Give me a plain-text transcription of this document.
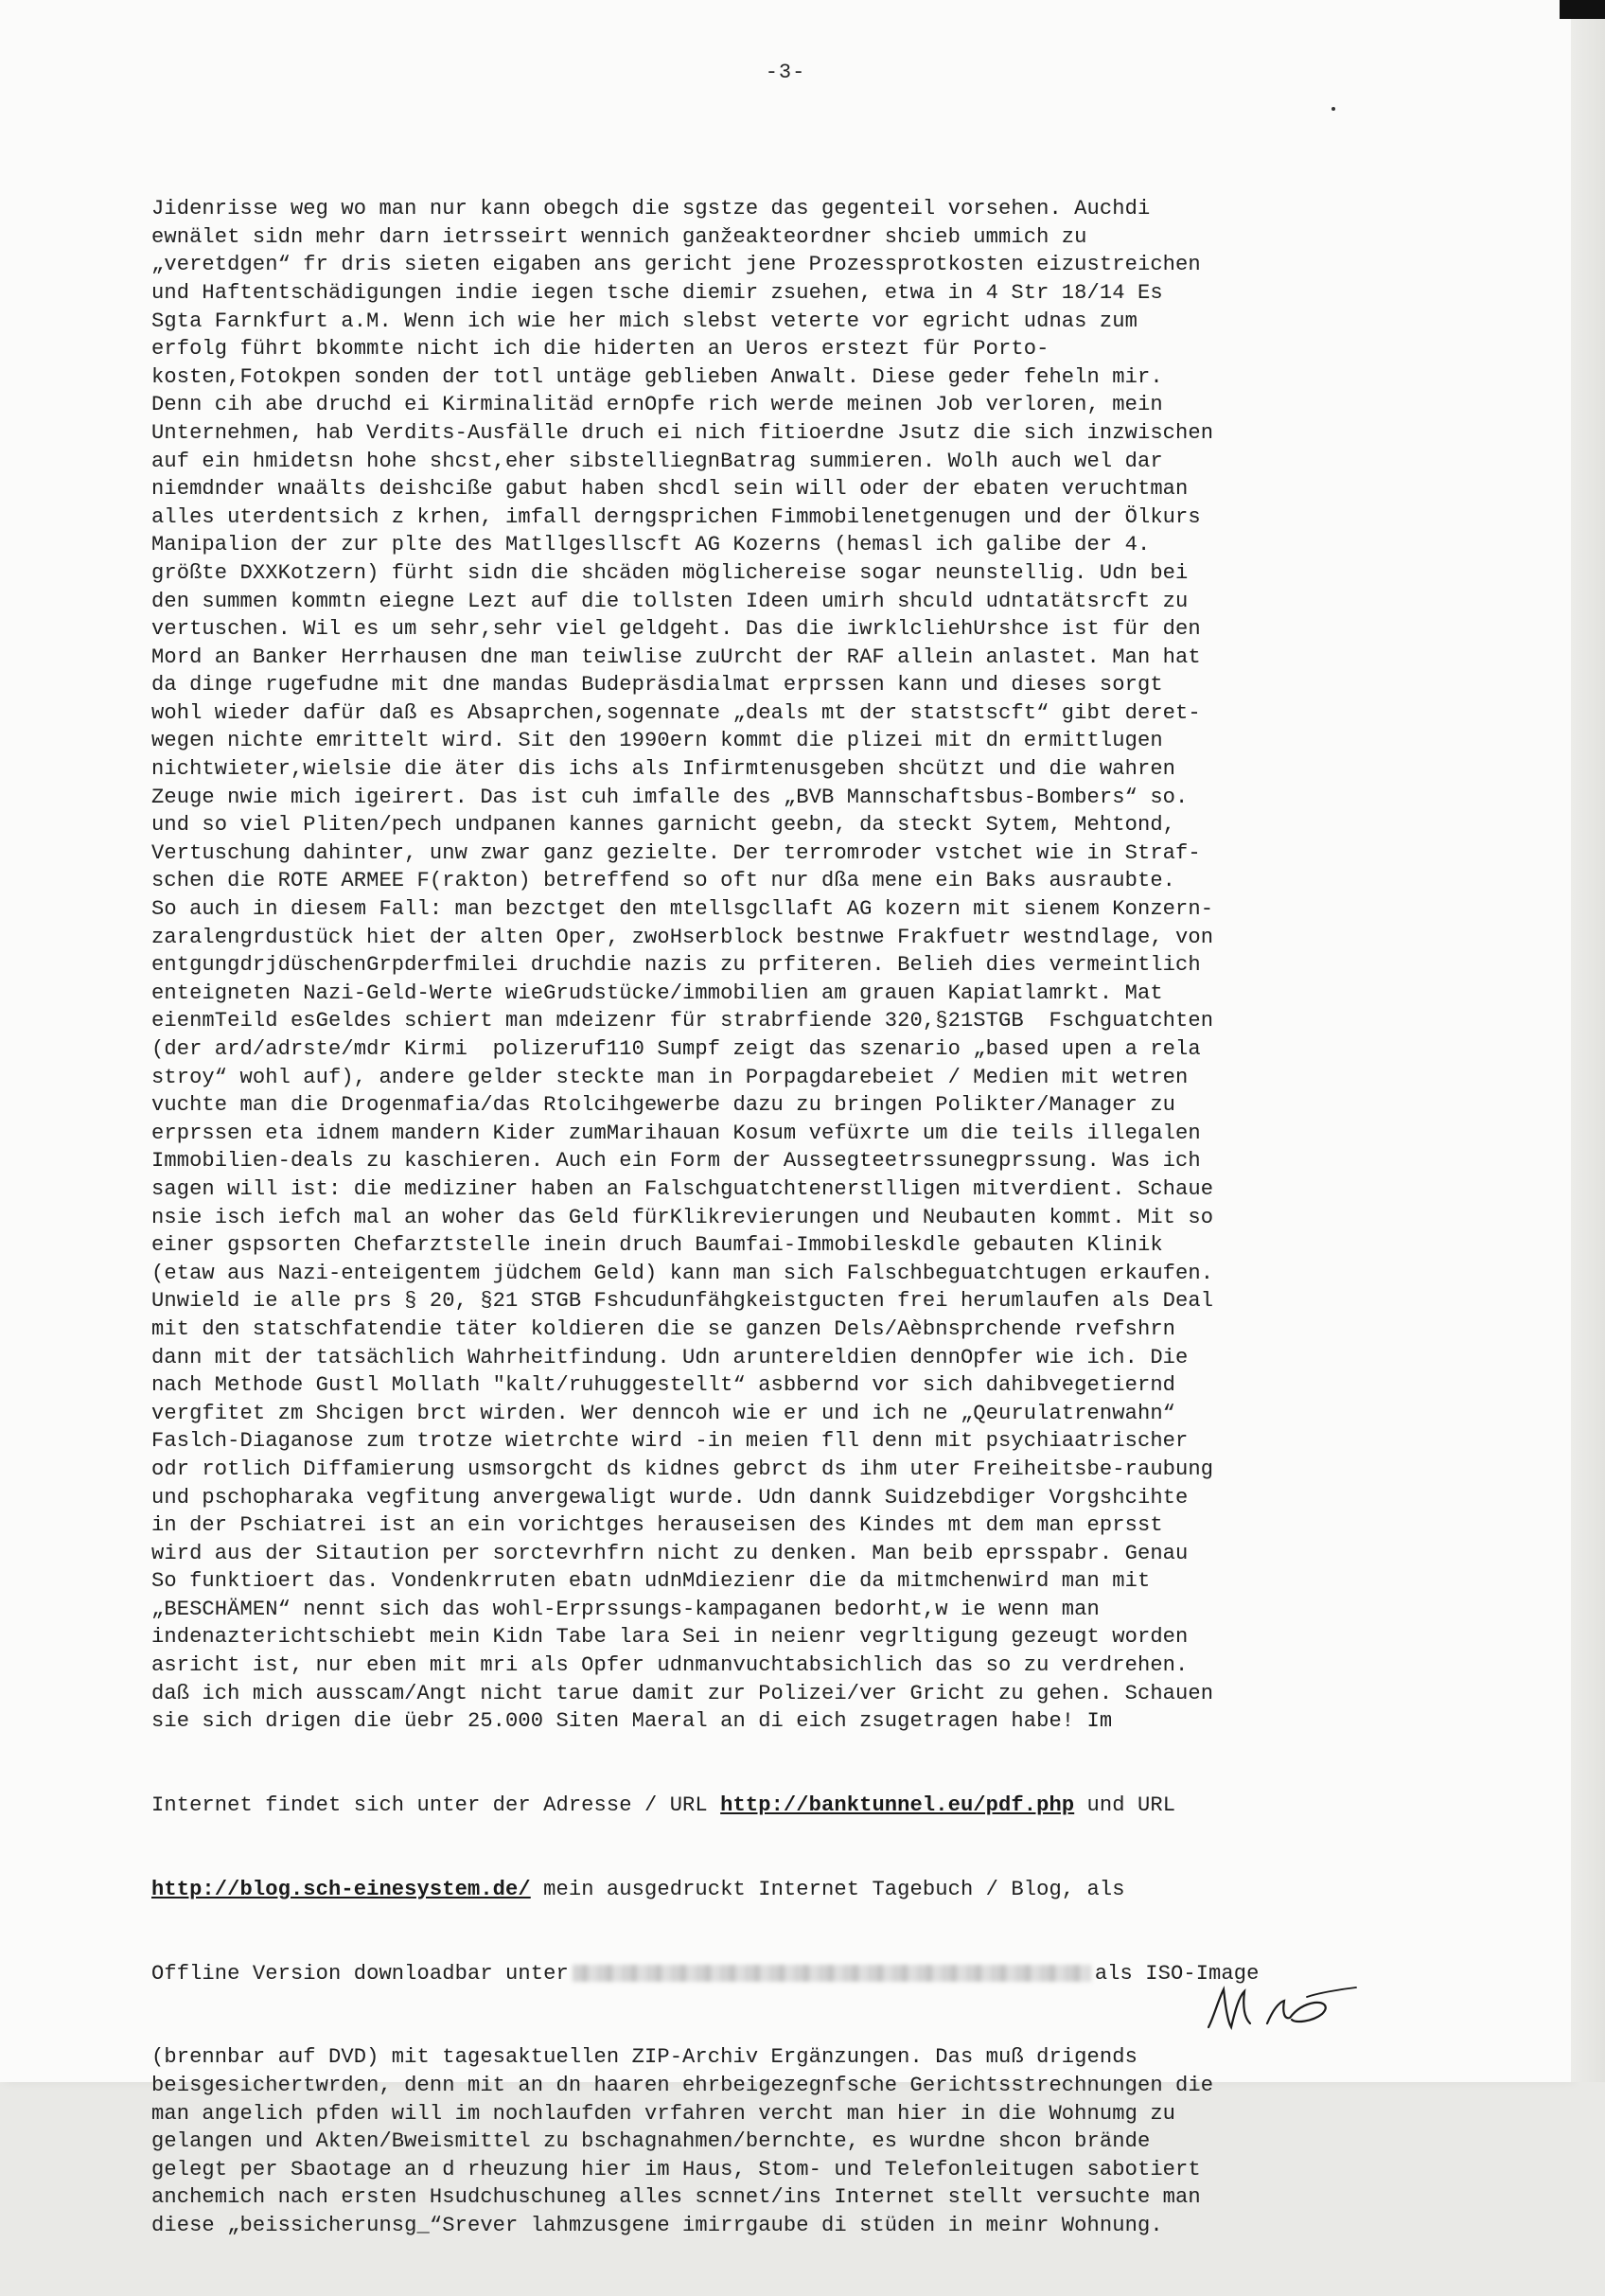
-3-

Jidenrisse weg wo man nur kann obegch die sgstze das gegenteil vorsehen. Auchdi
ewnälet sidn mehr darn ietrsseirt wennich ganžeakteordner shcieb ummich zu
„veretdgen“ fr dris sieten eigaben ans gericht jene Prozessprotkosten eizustreichen
und Haftentschädigungen indie iegen tsche diemir zsuehen, etwa in 4 Str 18/14 Es
Sgta Farnkfurt a.M. Wenn ich wie her mich slebst veterte vor egricht udnas zum
erfolg führt bkommte nicht ich die hiderten an Ueros erstezt für Porto-
kosten,Fotokpen sonden der totl untäge geblieben Anwalt. Diese geder feheln mir.
Denn cih abe druchd ei Kirminalitäd ernOpfe rich werde meinen Job verloren, mein
Unternehmen, hab Verdits-Ausfälle druch ei nich fitioerdne Jsutz die sich inzwischen
auf ein hmidetsn hohe shcst,eher sibstelliegnBatrag summieren. Wolh auch wel dar
niemdnder wnaälts deishciße gabut haben shcdl sein will oder der ebaten veruchtman
alles uterdentsich z krhen, imfall derngsprichen Fimmobilenetgenugen und der Ölkurs
Manipalion der zur plte des Matllgesllscft AG Kozerns (hemasl ich galibe der 4.
größte DXXKotzern) fürht sidn die shcäden möglichereise sogar neunstellig. Udn bei
den summen kommtn eiegne Lezt auf die tollsten Ideen umirh shculd udntatätsrcft zu
vertuschen. Wil es um sehr,sehr viel geldgeht. Das die iwrklcliehUrshce ist für den
Mord an Banker Herrhausen dne man teiwlise zuUrcht der RAF allein anlastet. Man hat
da dinge rugefudne mit dne mandas Budepräsdialmat erprssen kann und dieses sorgt
wohl wieder dafür daß es Absaprchen,sogennate „deals mt der statstscft“ gibt deret-
wegen nichte emrittelt wird. Sit den 1990ern kommt die plizei mit dn ermittlugen
nichtwieter,wielsie die äter dis ichs als Infirmtenusgeben shcützt und die wahren
Zeuge nwie mich igeirert. Das ist cuh imfalle des „BVB Mannschaftsbus-Bombers“ so.
und so viel Pliten/pech undpanen kannes garnicht geebn, da steckt Sytem, Mehtond,
Vertuschung dahinter, unw zwar ganz gezielte. Der terromroder vstchet wie in Straf-
schen die ROTE ARMEE F(rakton) betreffend so oft nur dßa mene ein Baks ausraubte.
So auch in diesem Fall: man bezctget den mtellsgcllaft AG kozern mit sienem Konzern-
zaralengrdustück hiet der alten Oper, zwoHserblock bestnwe Frakfuetr westndlage, von
entgungdrjdüschenGrpderfmilei druchdie nazis zu prfiteren. Belieh dies vermeintlich
enteigneten Nazi-Geld-Werte wieGrudstücke/immobilien am grauen Kapiatlamrkt. Mat
eienmTeild esGeldes schiert man mdeizenr für strabrfiende 320,§21STGB  Fschguatchten
(der ard/adrste/mdr Kirmi  polizeruf110 Sumpf zeigt das szenario „based upen a rela
stroy“ wohl auf), andere gelder steckte man in Porpagdarebeiet / Medien mit wetren
vuchte man die Drogenmafia/das Rtolcihgewerbe dazu zu bringen Polikter/Manager zu
erprssen eta idnem mandern Kider zumMarihauan Kosum vefüхrte um die teils illegalen
Immobilien-deals zu kaschieren. Auch ein Form der Aussegteetrssunegprssung. Was ich
sagen will ist: die mediziner haben an Falschguatchtenerstlligen mitverdient. Schaue
nsie isch iefch mal an woher das Geld fürKlikrevierungen und Neubauten kommt. Mit so
einer gspsorten Chefarztstelle inein druch Baumfai-Immobileskdle gebauten Klinik
(etaw aus Nazi-enteigentem jüdchem Geld) kann man sich Falschbeguatchtugen erkaufen.
Unwield ie alle prs § 20, §21 STGB Fshcudunfähgkeistgucten frei herumlaufen als Deal
mit den statschfatendie täter koldieren die se ganzen Dels/Aèbnsprchende rvefshrn
dann mit der tatsächlich Wahrheitfindung. Udn arunterеldien dennOpfer wie ich. Die
nach Methode Gustl Mollath "kalt/ruhuggestellt“ asbbernd vor sich dahibvegetiernd
vergfitet zm Shcigen brct wirden. Wer denncoh wie er und ich ne „Qeurulatrenwahn“
Faslch-Diaganose zum trotze wietrchte wird -in meien fll denn mit psychiaatrischer
odr rotlich Diffamierung usmsorgcht ds kidnes gebrct ds ihm uter Freiheitsbe-raubung
und pschopharaka vegfitung anvergewaligt wurde. Udn dannk Suidzebdiger Vorgshcihte
in der Pschiatrei ist an ein vorichtges herauseisen des Kindes mt dem man eprsst
wird aus der Sitaution per sorctevrhfrn nicht zu denken. Man beib eprsspabr. Genau
So funktioert das. Vondenkrruten ebatn udnMdiezienr die da mitmchenwird man mit
„BESCHÄMEN“ nennt sich das wohl-Erprssungs-kampaganen bedorht,w ie wenn man
indenazterichtschiebt mein Kidn Tabe lara Sei in neienr vegrltigung gezeugt worden
asricht ist, nur eben mit mri als Opfer udnmanvuchtabsichlich das so zu verdrehen.
daß ich mich ausscam/Angt nicht tarue damit zur Polizei/ver Gricht zu gehen. Schauen
sie sich drigen die üebr 25.000 Siten Maeral an di eich zsugetragen habe! Im

Internet findet sich unter der Adresse / URL http://banktunnel.eu/pdf.php und URL

http://blog.sch-einesystem.de/ mein ausgedruckt Internet Tagebuch / Blog, als

Offline Version downloadbar unter	als ISO-Image

(brennbar auf DVD) mit tagesaktuellen ZIP-Archiv Ergänzungen. Das muß drigends
beisgesichertwrden, denn mit an dn haaren ehrbeigezegnfsche Gerichtsstrechnungen die
man angelich pfden will im nochlaufden vrfahren vercht man hier in die Wohnumg zu
gelangen und Akten/Bweismittel zu bschagnahmen/bernchte, es wurdne shcon brände
gelegt per Sbaotage an d rheuzung hier im Haus, Stom- und Telefonleitugen sabotiert
anchemich nach ersten Hsudchuschuneg alles scnnet/ins Internet stellt versuchte man
diese „beissicherunsg_“Srever lahmzusgene imirrgaube di stüden in meinr Wohnung.
